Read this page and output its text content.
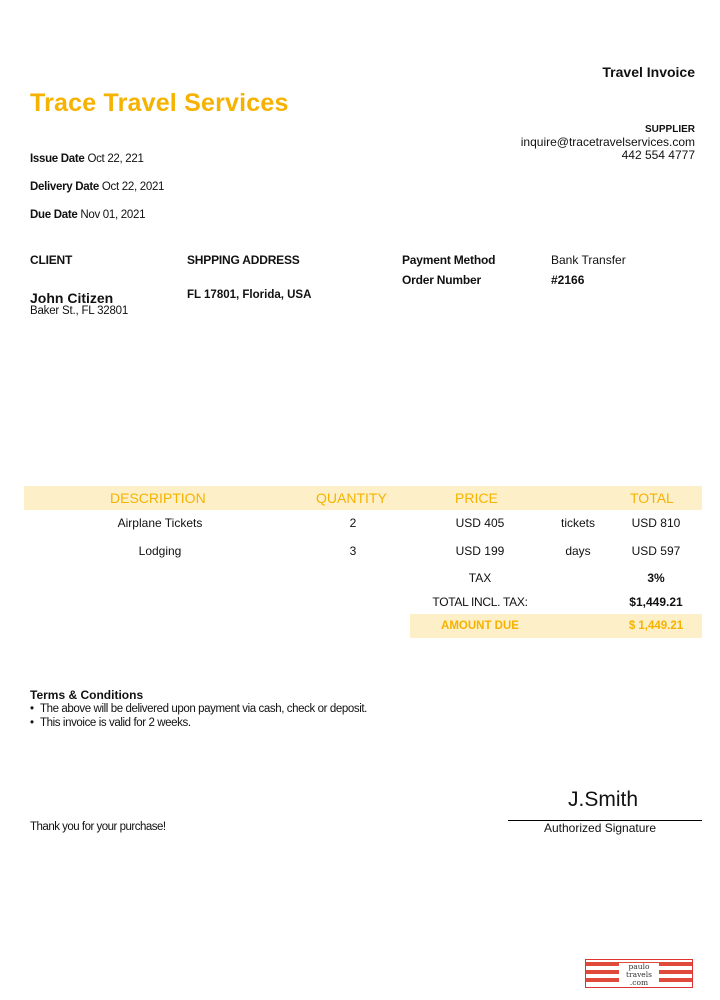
Travel Invoice
Trace Travel Services
SUPPLIER
inquire@tracetravelservices.com
442 554 4777
Issue Date Oct 22, 221
Delivery Date Oct 22, 2021
Due Date Nov 01, 2021
CLIENT
John Citizen
Baker St., FL 32801
SHPPING ADDRESS
FL 17801, Florida, USA
Payment Method	Bank Transfer
Order Number	#2166
DESCRIPTION	QUANTITY	PRICE	TOTAL
Airplane Tickets	2	USD 405	tickets	USD 810
Lodging	3	USD 199	days	USD 597
TAX	3%
TOTAL INCL. TAX:	$1,449.21
AMOUNT DUE	$ 1,449.21
Terms & Conditions
• The above will be delivered upon payment via cash, check or deposit.
• This invoice is valid for 2 weeks.
Thank you for your purchase!
J.Smith
Authorized Signature
paulo
travels
.com
